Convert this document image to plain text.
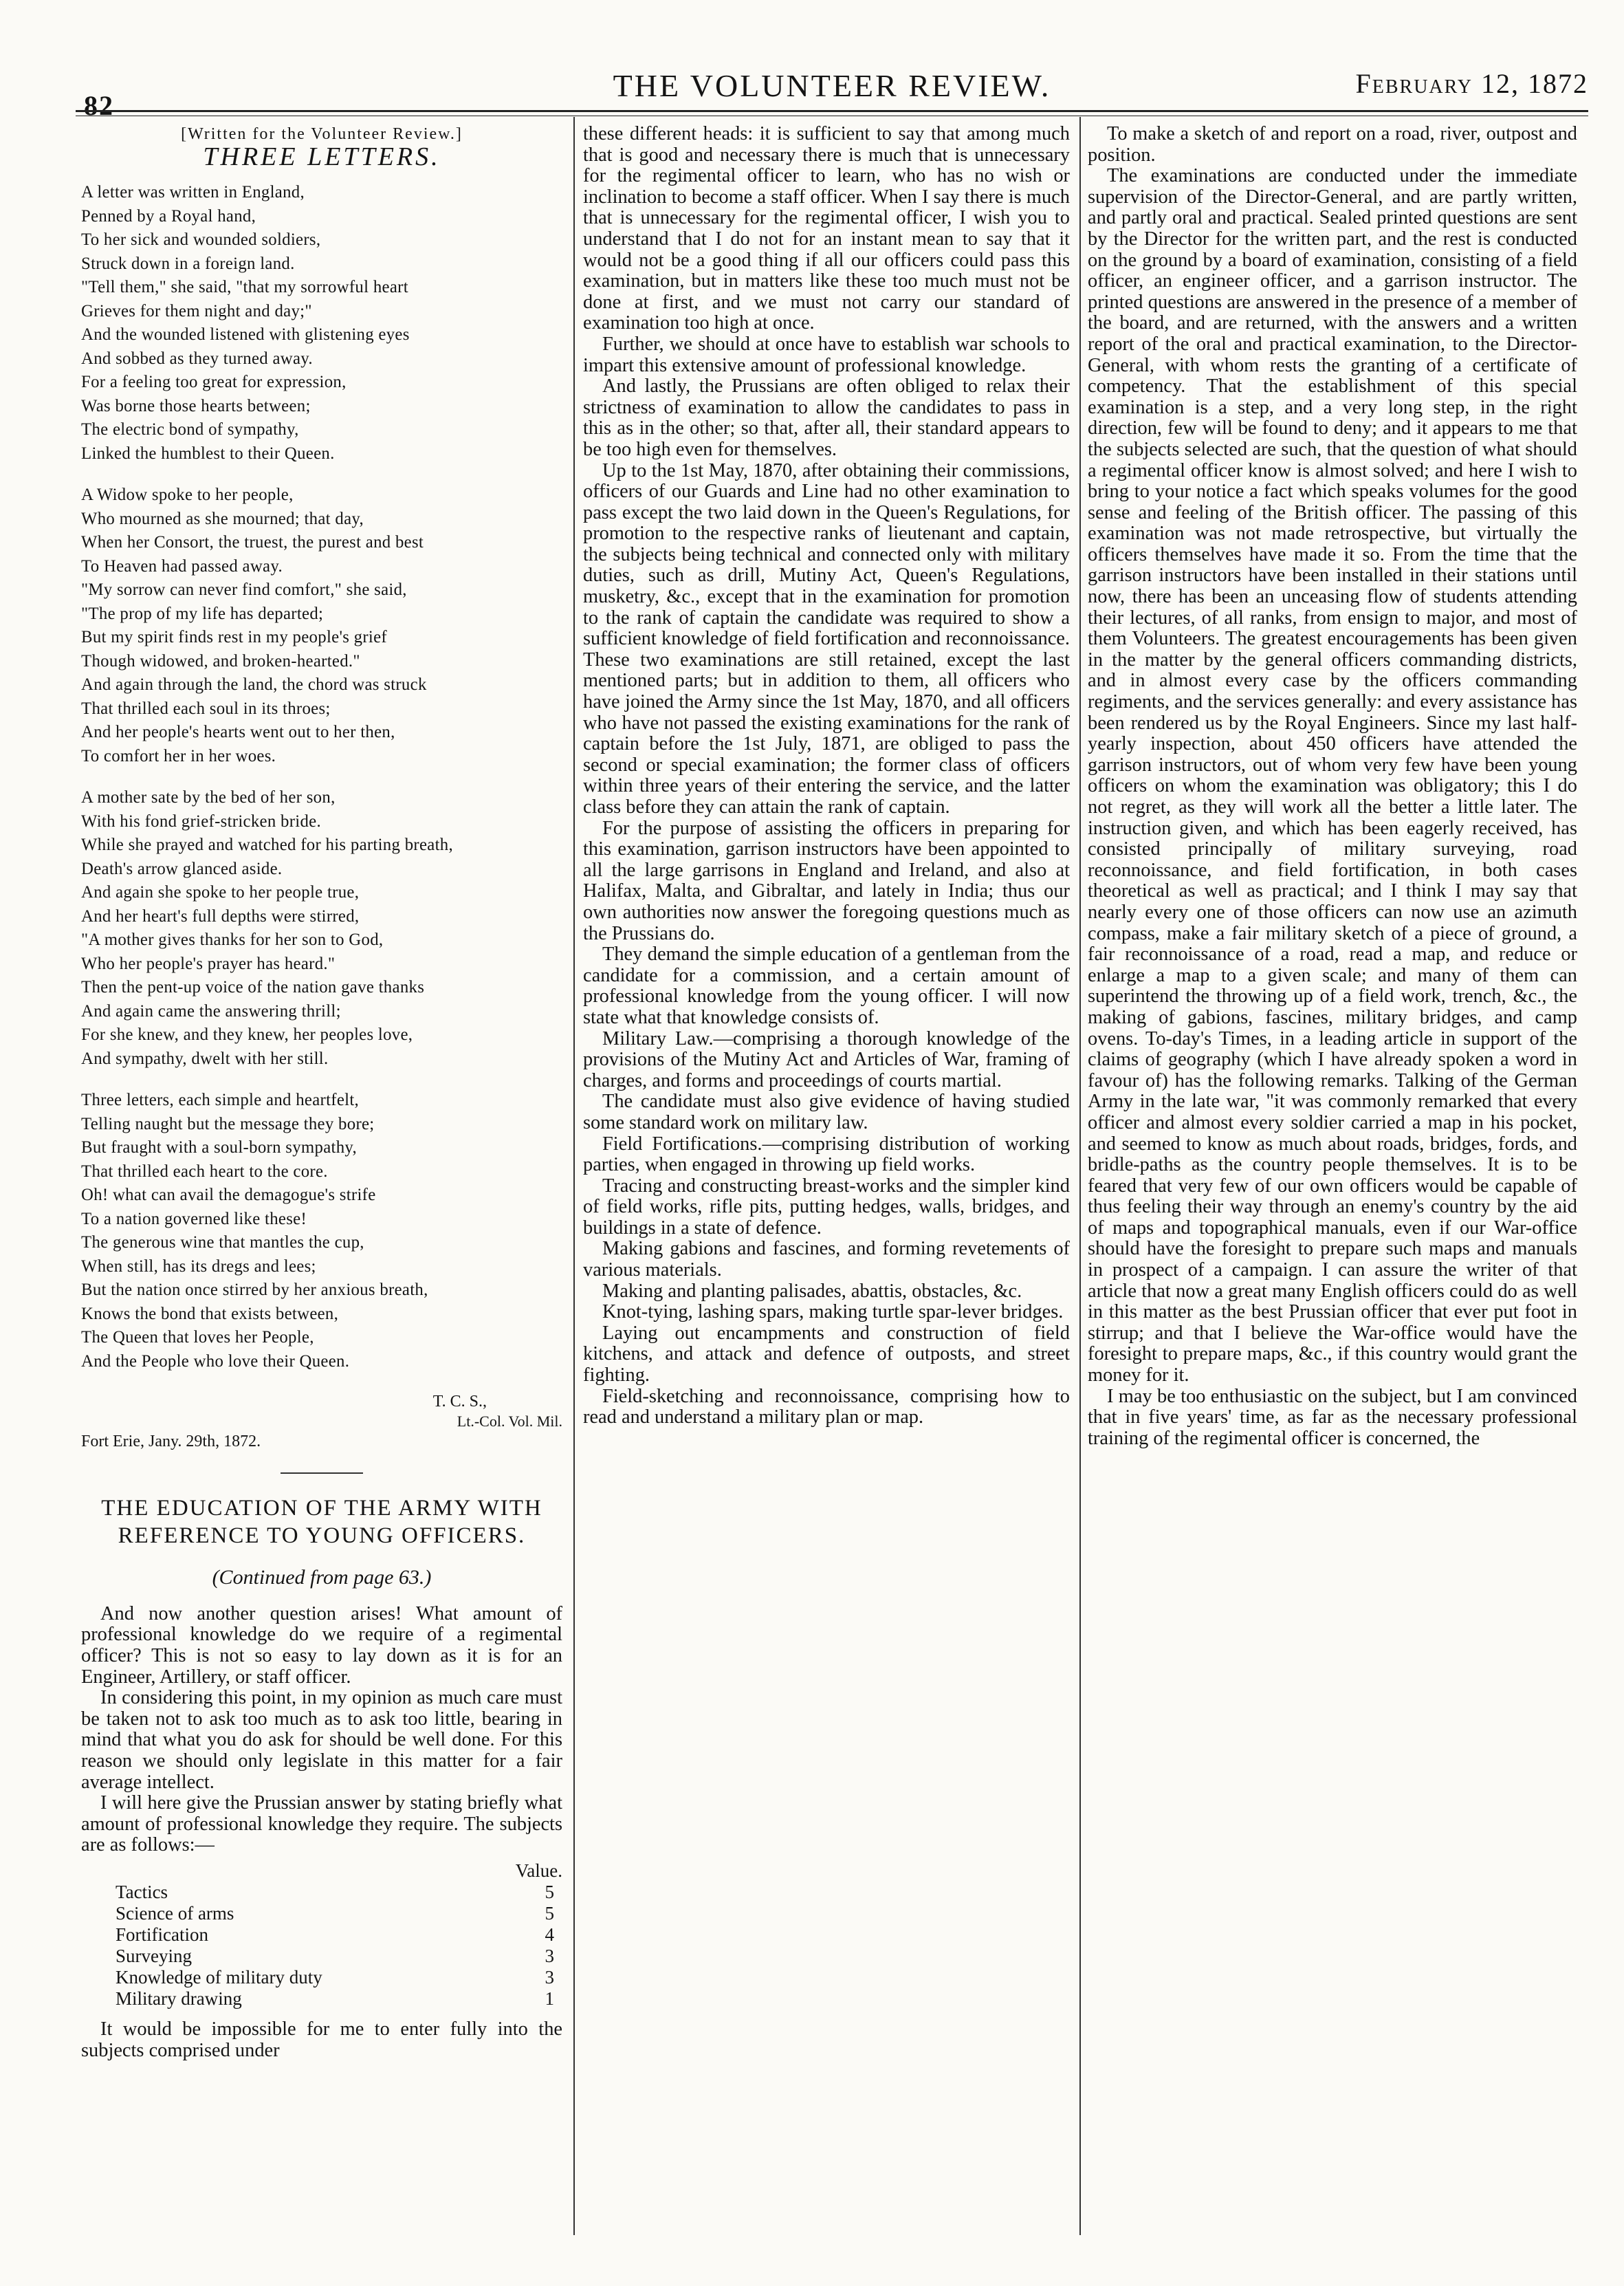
82
THE VOLUNTEER REVIEW.	February 12, 1872
[Written for the Volunteer Review.]
THREE LETTERS.
A letter was written in England,
Penned by a Royal hand,
To her sick and wounded soldiers,
Struck down in a foreign land.
"Tell them," she said, "that my sorrowful heart
Grieves for them night and day;"
And the wounded listened with glistening eyes
And sobbed as they turned away.
For a feeling too great for expression,
Was borne those hearts between;
The electric bond of sympathy,
Linked the humblest to their Queen.
A Widow spoke to her people,
Who mourned as she mourned; that day,
When her Consort, the truest, the purest and best
To Heaven had passed away.
"My sorrow can never find comfort," she said,
"The prop of my life has departed;
But my spirit finds rest in my people's grief
Though widowed, and broken-hearted."
And again through the land, the chord was struck
That thrilled each soul in its throes;
And her people's hearts went out to her then,
To comfort her in her woes.
A mother sate by the bed of her son,
With his fond grief-stricken bride.
While she prayed and watched for his parting breath,
Death's arrow glanced aside.
And again she spoke to her people true,
And her heart's full depths were stirred,
"A mother gives thanks for her son to God,
Who her people's prayer has heard."
Then the pent-up voice of the nation gave thanks
And again came the answering thrill;
For she knew, and they knew, her peoples love,
And sympathy, dwelt with her still.
Three letters, each simple and heartfelt,
Telling naught but the message they bore;
But fraught with a soul-born sympathy,
That thrilled each heart to the core.
Oh! what can avail the demagogue's strife
To a nation governed like these!
The generous wine that mantles the cup,
When still, has its dregs and lees;
But the nation once stirred by her anxious breath,
Knows the bond that exists between,
The Queen that loves her People,
And the People who love their Queen.
T. C. S.,
Lt.-Col. Vol. Mil.
Fort Erie, Jany. 29th, 1872.
THE EDUCATION OF THE ARMY WITH REFERENCE TO YOUNG OFFICERS.
(Continued from page 63.)

And now another question arises! What amount of professional knowledge do we require of a regimental officer? This is not so easy to lay down as it is for an Engineer, Artillery, or staff officer.

In considering this point, in my opinion as much care must be taken not to ask too much as to ask too little, bearing in mind that what you do ask for should be well done. For this reason we should only legislate in this matter for a fair average intellect.

I will here give the Prussian answer by stating briefly what amount of professional knowledge they require. The subjects are as follows:—

Value.	
Tactics		5
Science of arms		5
Fortification		4
Surveying		3
Knowledge of military duty		3
Military drawing		1

It would be impossible for me to enter fully into the subjects comprised under

these different heads: it is sufficient to say that among much that is good and necessary there is much that is unnecessary for the regimental officer to learn, who has no wish or inclination to become a staff officer. When I say there is much that is unnecessary for the regimental officer, I wish you to understand that I do not for an instant mean to say that it would not be a good thing if all our officers could pass this examination, but in matters like these too much must not be done at first, and we must not carry our standard of examination too high at once.

Further, we should at once have to establish war schools to impart this extensive amount of professional knowledge.

And lastly, the Prussians are often obliged to relax their strictness of examination to allow the candidates to pass in this as in the other; so that, after all, their standard appears to be too high even for themselves.

Up to the 1st May, 1870, after obtaining their commissions, officers of our Guards and Line had no other examination to pass except the two laid down in the Queen's Regulations, for promotion to the respective ranks of lieutenant and captain, the subjects being technical and connected only with military duties, such as drill, Mutiny Act, Queen's Regulations, musketry, &c., except that in the examination for promotion to the rank of captain the candidate was required to show a sufficient knowledge of field fortification and reconnoissance. These two examinations are still retained, except the last mentioned parts; but in addition to them, all officers who have joined the Army since the 1st May, 1870, and all officers who have not passed the existing examinations for the rank of captain before the 1st July, 1871, are obliged to pass the second or special examination; the former class of officers within three years of their entering the service, and the latter class before they can attain the rank of captain.

For the purpose of assisting the officers in preparing for this examination, garrison instructors have been appointed to all the large garrisons in England and Ireland, and also at Halifax, Malta, and Gibraltar, and lately in India; thus our own authorities now answer the foregoing questions much as the Prussians do.

They demand the simple education of a gentleman from the candidate for a commission, and a certain amount of professional knowledge from the young officer. I will now state what that knowledge consists of.

Military Law.—comprising a thorough knowledge of the provisions of the Mutiny Act and Articles of War, framing of charges, and forms and proceedings of courts martial.

The candidate must also give evidence of having studied some standard work on military law.

Field Fortifications.—comprising distribution of working parties, when engaged in throwing up field works.

Tracing and constructing breast-works and the simpler kind of field works, rifle pits, putting hedges, walls, bridges, and buildings in a state of defence.

Making gabions and fascines, and forming revetements of various materials.

Making and planting palisades, abattis, obstacles, &c.

Knot-tying, lashing spars, making turtle spar-lever bridges.

Laying out encampments and construction of field kitchens, and attack and defence of outposts, and street fighting.

Field-sketching and reconnoissance, comprising how to read and understand a military plan or map.

To make a sketch of and report on a road, river, outpost and position.

The examinations are conducted under the immediate supervision of the Director-General, and are partly written, and partly oral and practical. Sealed printed questions are sent by the Director for the written part, and the rest is conducted on the ground by a board of examination, consisting of a field officer, an engineer officer, and a garrison instructor. The printed questions are answered in the presence of a member of the board, and are returned, with the answers and a written report of the oral and practical examination, to the Director-General, with whom rests the granting of a certificate of competency. That the establishment of this special examination is a step, and a very long step, in the right direction, few will be found to deny; and it appears to me that the subjects selected are such, that the question of what should a regimental officer know is almost solved; and here I wish to bring to your notice a fact which speaks volumes for the good sense and feeling of the British officer. The passing of this examination was not made retrospective, but virtually the officers themselves have made it so. From the time that the garrison instructors have been installed in their stations until now, there has been an unceasing flow of students attending their lectures, of all ranks, from ensign to major, and most of them Volunteers. The greatest encouragements has been given in the matter by the general officers commanding districts, and in almost every case by the officers commanding regiments, and the services generally: and every assistance has been rendered us by the Royal Engineers. Since my last half-yearly inspection, about 450 officers have attended the garrison instructors, out of whom very few have been young officers on whom the examination was obligatory; this I do not regret, as they will work all the better a little later. The instruction given, and which has been eagerly received, has consisted principally of military surveying, road reconnoissance, and field fortification, in both cases theoretical as well as practical; and I think I may say that nearly every one of those officers can now use an azimuth compass, make a fair military sketch of a piece of ground, a fair reconnoissance of a road, read a map, and reduce or enlarge a map to a given scale; and many of them can superintend the throwing up of a field work, trench, &c., the making of gabions, fascines, military bridges, and camp ovens. To-day's Times, in a leading article in support of the claims of geography (which I have already spoken a word in favour of) has the following remarks. Talking of the German Army in the late war, "it was commonly remarked that every officer and almost every soldier carried a map in his pocket, and seemed to know as much about roads, bridges, fords, and bridle-paths as the country people themselves. It is to be feared that very few of our own officers would be capable of thus feeling their way through an enemy's country by the aid of maps and topographical manuals, even if our War-office should have the foresight to prepare such maps and manuals in prospect of a campaign. I can assure the writer of that article that now a great many English officers could do as well in this matter as the best Prussian officer that ever put foot in stirrup; and that I believe the War-office would have the foresight to prepare maps, &c., if this country would grant the money for it.

I may be too enthusiastic on the subject, but I am convinced that in five years' time, as far as the necessary professional training of the regimental officer is concerned, the
